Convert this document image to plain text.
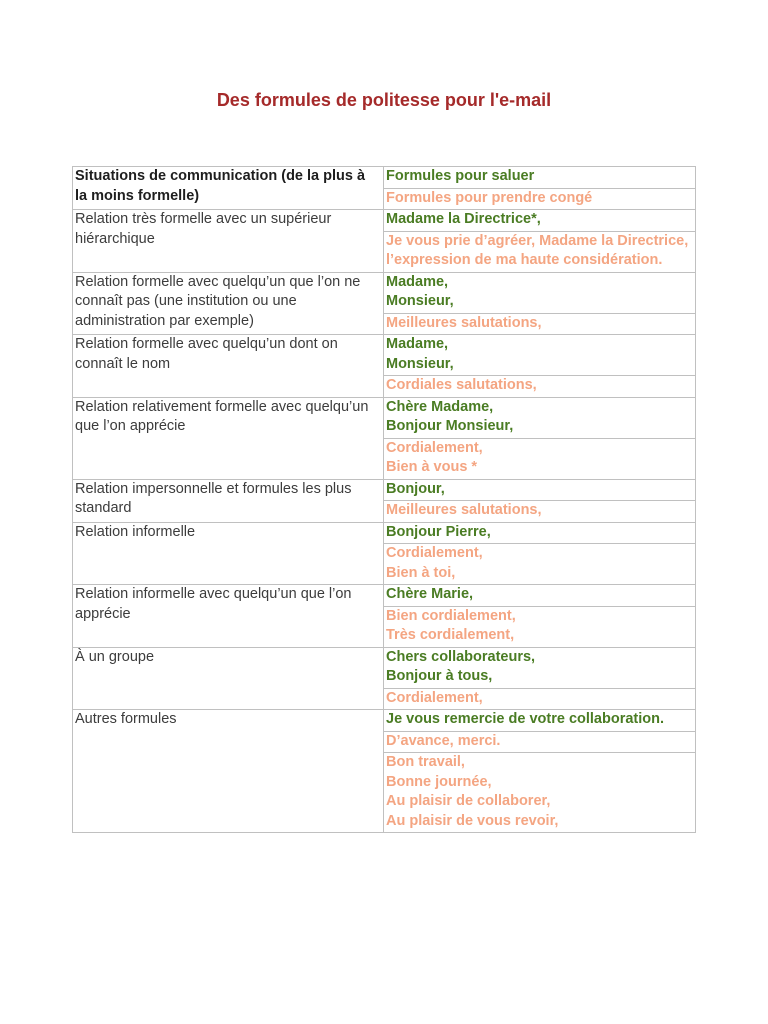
Des formules de politesse pour l'e-mail
Situations de communication (de la plus à la moins formelle)	Formules pour saluer
	Formules pour prendre congé
Relation très formelle avec un supérieur hiérarchique	Madame la Directrice*,

	Je vous prie d’agréer, Madame la Directrice, l’expression de ma haute considération.

Relation formelle avec quelqu’un que l’on ne connaît pas (une institution ou une administration par exemple)	Madame,
Monsieur,

	Meilleures salutations,

Relation formelle avec quelqu’un dont on connaît le nom	Madame,
Monsieur,

	Cordiales salutations,

Relation relativement formelle avec quelqu’un que l’on apprécie	Chère Madame,
Bonjour Monsieur,

	Cordialement,
Bien à vous *

Relation impersonnelle et formules les plus standard	Bonjour,

	Meilleures salutations,

Relation informelle	Bonjour Pierre,

	Cordialement,
Bien à toi,

Relation informelle avec quelqu’un que l’on apprécie	Chère Marie,

	Bien cordialement,
Très cordialement,

À un groupe	Chers collaborateurs,
Bonjour à tous,

	Cordialement,

Autres formules	Je vous remercie de votre collaboration.

	D’avance, merci.

	Bon travail,
Bonne journée,
Au plaisir de collaborer,
Au plaisir de vous revoir,
